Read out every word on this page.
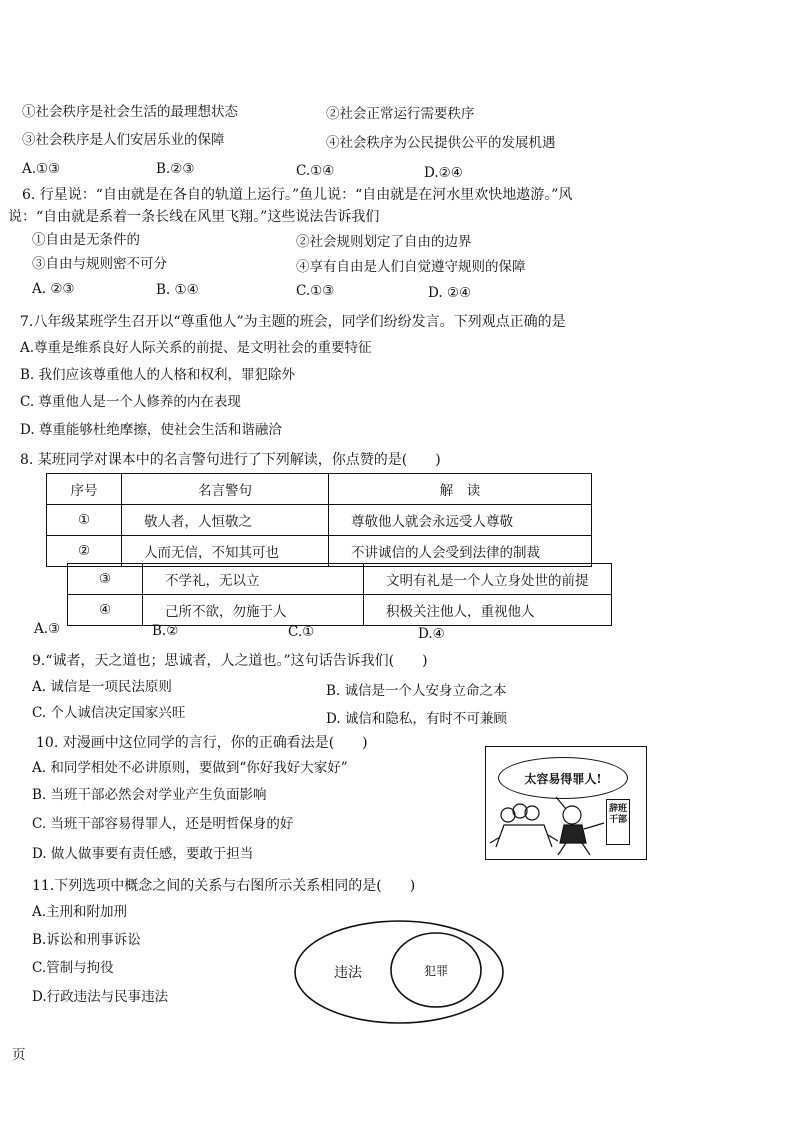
①社会秩序是社会生活的最理想状态	②社会正常运行需要秩序
③社会秩序是人们安居乐业的保障	④社会秩序为公民提供公平的发展机遇
A.①③	B.②③	C.①④	D.②④
6. 行星说：“自由就是在各自的轨道上运行。”鱼儿说：“自由就是在河水里欢快地遨游。”风
说：“自由就是系着一条长线在风里飞翔。”这些说法告诉我们
①自由是无条件的	②社会规则划定了自由的边界
③自由与规则密不可分	④享有自由是人们自觉遵守规则的保障
A. ②③	B. ①④	C.①③	D. ②④
7.八年级某班学生召开以“尊重他人”为主题的班会，同学们纷纷发言。下列观点正确的是
A.尊重是维系良好人际关系的前提、是文明社会的重要特征
B. 我们应该尊重他人的人格和权利，罪犯除外
C. 尊重他人是一个人修养的内在表现
D. 尊重能够杜绝摩擦，使社会生活和谐融洽
8. 某班同学对课本中的名言警句进行了下列解读，你点赞的是(　　)
序号	名言警句	解　读
①	敬人者，人恒敬之	尊敬他人就会永远受人尊敬
②	人而无信，不知其可也	不讲诚信的人会受到法律的制裁
③	不学礼，无以立	文明有礼是一个人立身处世的前提
④	己所不欲，勿施于人	积极关注他人，重视他人
A.③	B.②	C.①	D.④
9.“诚者，天之道也；思诚者，人之道也。”这句话告诉我们(　　)
A. 诚信是一项民法原则	B. 诚信是一个人安身立命之本
C. 个人诚信决定国家兴旺	D. 诚信和隐私，有时不可兼顾
10. 对漫画中这位同学的言行，你的正确看法是(　　)
A. 和同学相处不必讲原则，要做到“你好我好大家好”
B. 当班干部必然会对学业产生负面影响
C. 当班干部容易得罪人，还是明哲保身的好
D. 做人做事要有责任感，要敢于担当
太容易得罪人!
辞班干部
11.下列选项中概念之间的关系与右图所示关系相同的是(　　)
A.主刑和附加刑
B.诉讼和刑事诉讼
C.管制与拘役
D.行政违法与民事违法
违法	犯罪
页
